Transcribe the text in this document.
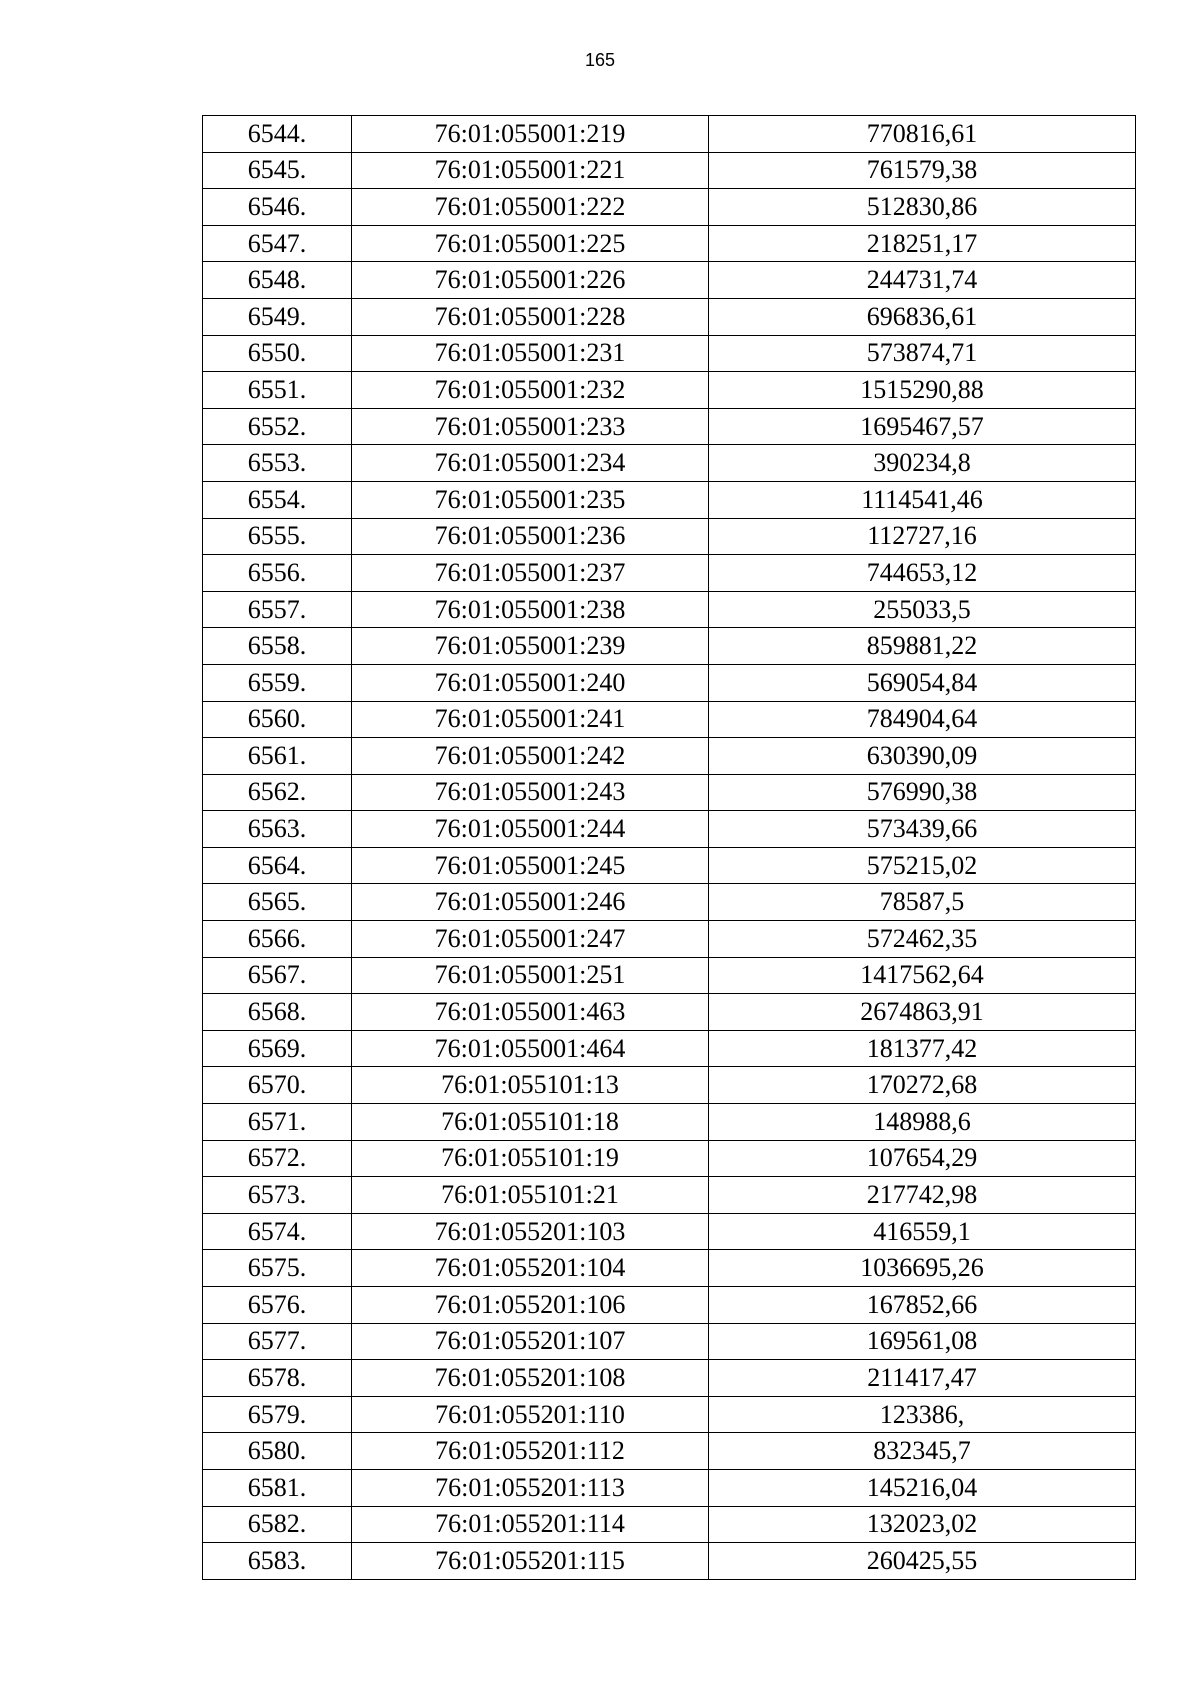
165
6544.	76:01:055001:219	770816,61
6545.	76:01:055001:221	761579,38
6546.	76:01:055001:222	512830,86
6547.	76:01:055001:225	218251,17
6548.	76:01:055001:226	244731,74
6549.	76:01:055001:228	696836,61
6550.	76:01:055001:231	573874,71
6551.	76:01:055001:232	1515290,88
6552.	76:01:055001:233	1695467,57
6553.	76:01:055001:234	390234,8
6554.	76:01:055001:235	1114541,46
6555.	76:01:055001:236	112727,16
6556.	76:01:055001:237	744653,12
6557.	76:01:055001:238	255033,5
6558.	76:01:055001:239	859881,22
6559.	76:01:055001:240	569054,84
6560.	76:01:055001:241	784904,64
6561.	76:01:055001:242	630390,09
6562.	76:01:055001:243	576990,38
6563.	76:01:055001:244	573439,66
6564.	76:01:055001:245	575215,02
6565.	76:01:055001:246	78587,5
6566.	76:01:055001:247	572462,35
6567.	76:01:055001:251	1417562,64
6568.	76:01:055001:463	2674863,91
6569.	76:01:055001:464	181377,42
6570.	76:01:055101:13	170272,68
6571.	76:01:055101:18	148988,6
6572.	76:01:055101:19	107654,29
6573.	76:01:055101:21	217742,98
6574.	76:01:055201:103	416559,1
6575.	76:01:055201:104	1036695,26
6576.	76:01:055201:106	167852,66
6577.	76:01:055201:107	169561,08
6578.	76:01:055201:108	211417,47
6579.	76:01:055201:110	123386,
6580.	76:01:055201:112	832345,7
6581.	76:01:055201:113	145216,04
6582.	76:01:055201:114	132023,02
6583.	76:01:055201:115	260425,55
